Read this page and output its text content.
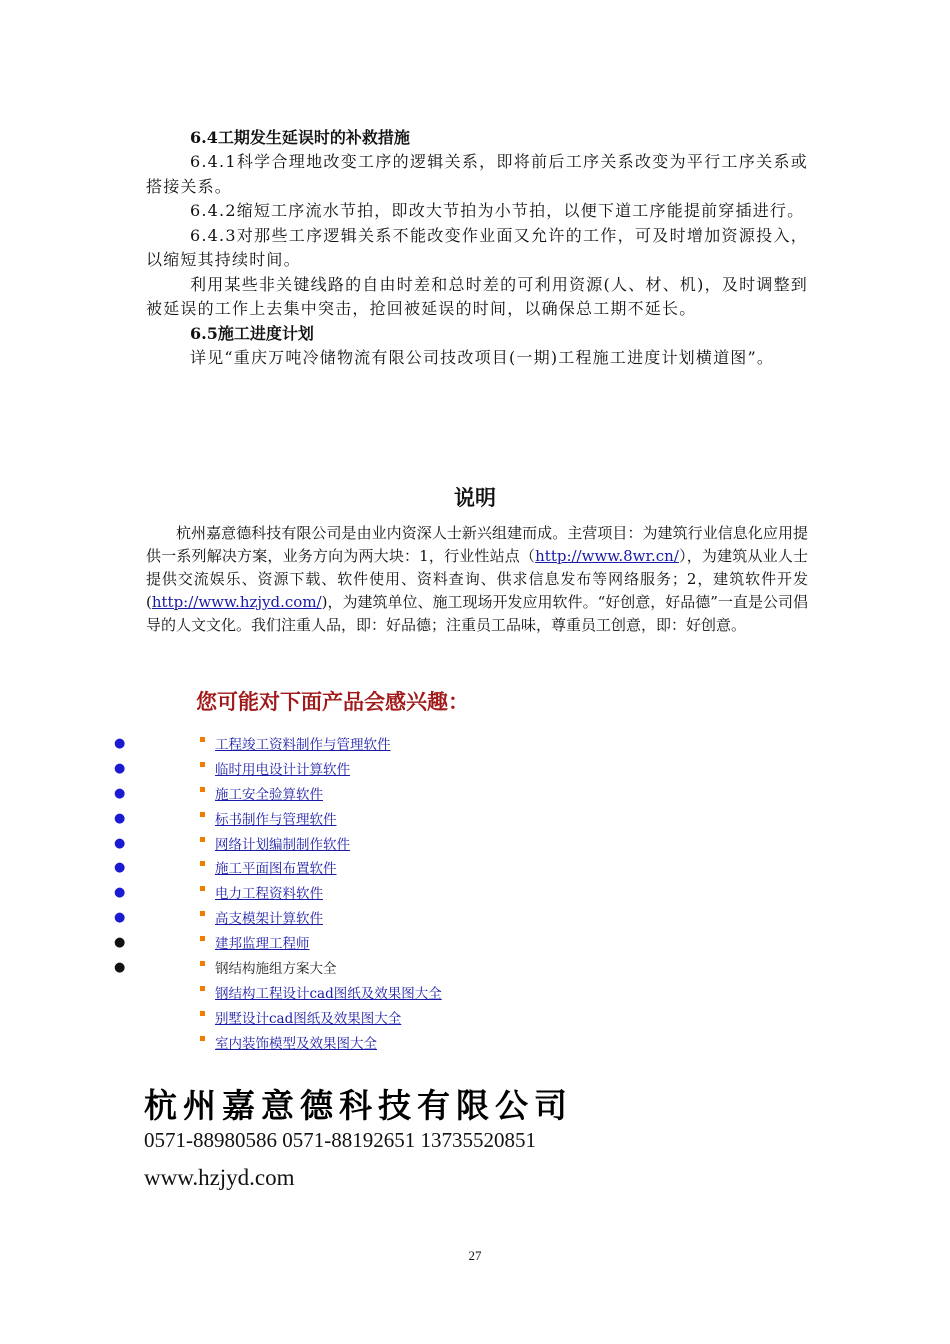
6.4工期发生延误时的补救措施
6.4.1科学合理地改变工序的逻辑关系，即将前后工序关系改变为平行工序关系或搭接关系。
6.4.2缩短工序流水节拍，即改大节拍为小节拍，以便下道工序能提前穿插进行。
6.4.3对那些工序逻辑关系不能改变作业面又允许的工作，可及时增加资源投入，以缩短其持续时间。
利用某些非关键线路的自由时差和总时差的可利用资源(人、材、机)，及时调整到被延误的工作上去集中突击，抢回被延误的时间，以确保总工期不延长。
6.5施工进度计划
详见“重庆万吨冷储物流有限公司技改项目(一期)工程施工进度计划横道图”。
说明
杭州嘉意德科技有限公司是由业内资深人士新兴组建而成。主营项目：为建筑行业信息化应用提供一系列解决方案，业务方向为两大块：1，行业性站点（http://www.8wr.cn/），为建筑从业人士提供交流娱乐、资源下载、软件使用、资料查询、供求信息发布等网络服务；2，建筑软件开发(http://www.hzjyd.com/)，为建筑单位、施工现场开发应用软件。“好创意，好品德”一直是公司倡导的人文文化。我们注重人品，即：好品德；注重员工品味，尊重员工创意，即：好创意。
您可能对下面产品会感兴趣：
●	工程竣工资料制作与管理软件
●	临时用电设计计算软件
●	施工安全验算软件
●	标书制作与管理软件
●	网络计划编制制作软件
●	施工平面图布置软件
●	电力工程资料软件
●	高支模架计算软件
●	建邦监理工程师
●	钢结构施组方案大全
钢结构工程设计cad图纸及效果图大全
别墅设计cad图纸及效果图大全
室内装饰模型及效果图大全
杭州嘉意德科技有限公司
0571-88980586 0571-88192651 13735520851
www.hzjyd.com
27
